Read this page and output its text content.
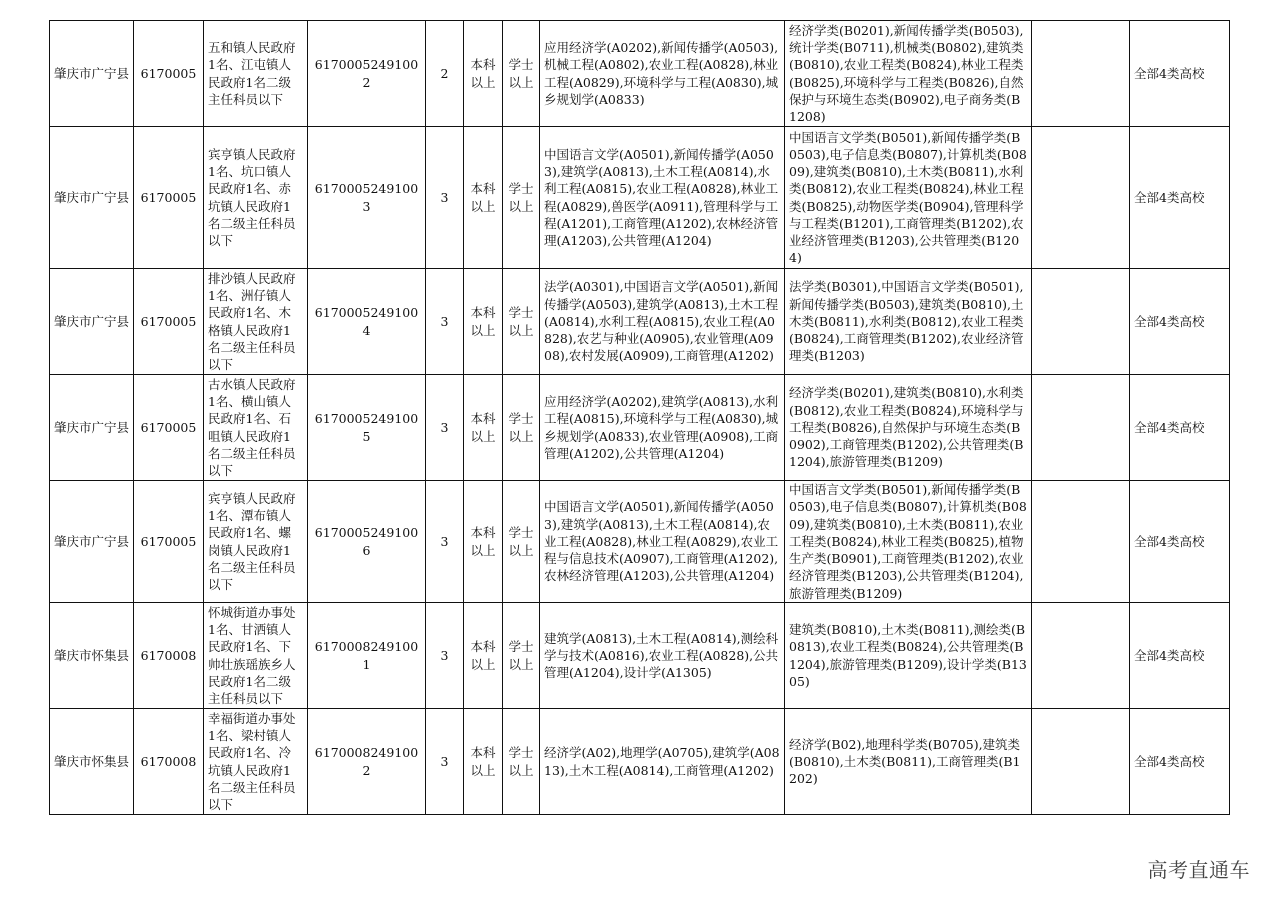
肇庆市广宁县	6170005	五和镇人民政府1名、江屯镇人民政府1名二级主任科员以下	61700052491002	2	本科以上	学士以上	应用经济学(A0202),新闻传播学(A0503),机械工程(A0802),农业工程(A0828),林业工程(A0829),环境科学与工程(A0830),城乡规划学(A0833)	经济学类(B0201),新闻传播学类(B0503),统计学类(B0711),机械类(B0802),建筑类(B0810),农业工程类(B0824),林业工程类(B0825),环境科学与工程类(B0826),自然保护与环境生态类(B0902),电子商务类(B1208)		全部4类高校
肇庆市广宁县	6170005	宾亨镇人民政府1名、坑口镇人民政府1名、赤坑镇人民政府1名二级主任科员以下	61700052491003	3	本科以上	学士以上	中国语言文学(A0501),新闻传播学(A0503),建筑学(A0813),土木工程(A0814),水利工程(A0815),农业工程(A0828),林业工程(A0829),兽医学(A0911),管理科学与工程(A1201),工商管理(A1202),农林经济管理(A1203),公共管理(A1204)	中国语言文学类(B0501),新闻传播学类(B0503),电子信息类(B0807),计算机类(B0809),建筑类(B0810),土木类(B0811),水利类(B0812),农业工程类(B0824),林业工程类(B0825),动物医学类(B0904),管理科学与工程类(B1201),工商管理类(B1202),农业经济管理类(B1203),公共管理类(B1204)		全部4类高校
肇庆市广宁县	6170005	排沙镇人民政府1名、洲仔镇人民政府1名、木格镇人民政府1名二级主任科员以下	61700052491004	3	本科以上	学士以上	法学(A0301),中国语言文学(A0501),新闻传播学(A0503),建筑学(A0813),土木工程(A0814),水利工程(A0815),农业工程(A0828),农艺与种业(A0905),农业管理(A0908),农村发展(A0909),工商管理(A1202)	法学类(B0301),中国语言文学类(B0501),新闻传播学类(B0503),建筑类(B0810),土木类(B0811),水利类(B0812),农业工程类(B0824),工商管理类(B1202),农业经济管理类(B1203)		全部4类高校
肇庆市广宁县	6170005	古水镇人民政府1名、横山镇人民政府1名、石咀镇人民政府1名二级主任科员以下	61700052491005	3	本科以上	学士以上	应用经济学(A0202),建筑学(A0813),水利工程(A0815),环境科学与工程(A0830),城乡规划学(A0833),农业管理(A0908),工商管理(A1202),公共管理(A1204)	经济学类(B0201),建筑类(B0810),水利类(B0812),农业工程类(B0824),环境科学与工程类(B0826),自然保护与环境生态类(B0902),工商管理类(B1202),公共管理类(B1204),旅游管理类(B1209)		全部4类高校
肇庆市广宁县	6170005	宾亨镇人民政府1名、潭布镇人民政府1名、螺岗镇人民政府1名二级主任科员以下	61700052491006	3	本科以上	学士以上	中国语言文学(A0501),新闻传播学(A0503),建筑学(A0813),土木工程(A0814),农业工程(A0828),林业工程(A0829),农业工程与信息技术(A0907),工商管理(A1202),农林经济管理(A1203),公共管理(A1204)	中国语言文学类(B0501),新闻传播学类(B0503),电子信息类(B0807),计算机类(B0809),建筑类(B0810),土木类(B0811),农业工程类(B0824),林业工程类(B0825),植物生产类(B0901),工商管理类(B1202),农业经济管理类(B1203),公共管理类(B1204),旅游管理类(B1209)		全部4类高校
肇庆市怀集县	6170008	怀城街道办事处1名、甘洒镇人民政府1名、下帅壮族瑶族乡人民政府1名二级主任科员以下	61700082491001	3	本科以上	学士以上	建筑学(A0813),土木工程(A0814),测绘科学与技术(A0816),农业工程(A0828),公共管理(A1204),设计学(A1305)	建筑类(B0810),土木类(B0811),测绘类(B0813),农业工程类(B0824),公共管理类(B1204),旅游管理类(B1209),设计学类(B1305)		全部4类高校
肇庆市怀集县	6170008	幸福街道办事处1名、梁村镇人民政府1名、冷坑镇人民政府1名二级主任科员以下	61700082491002	3	本科以上	学士以上	经济学(A02),地理学(A0705),建筑学(A0813),土木工程(A0814),工商管理(A1202)	经济学(B02),地理科学类(B0705),建筑类(B0810),土木类(B0811),工商管理类(B1202)		全部4类高校
高考直通车
